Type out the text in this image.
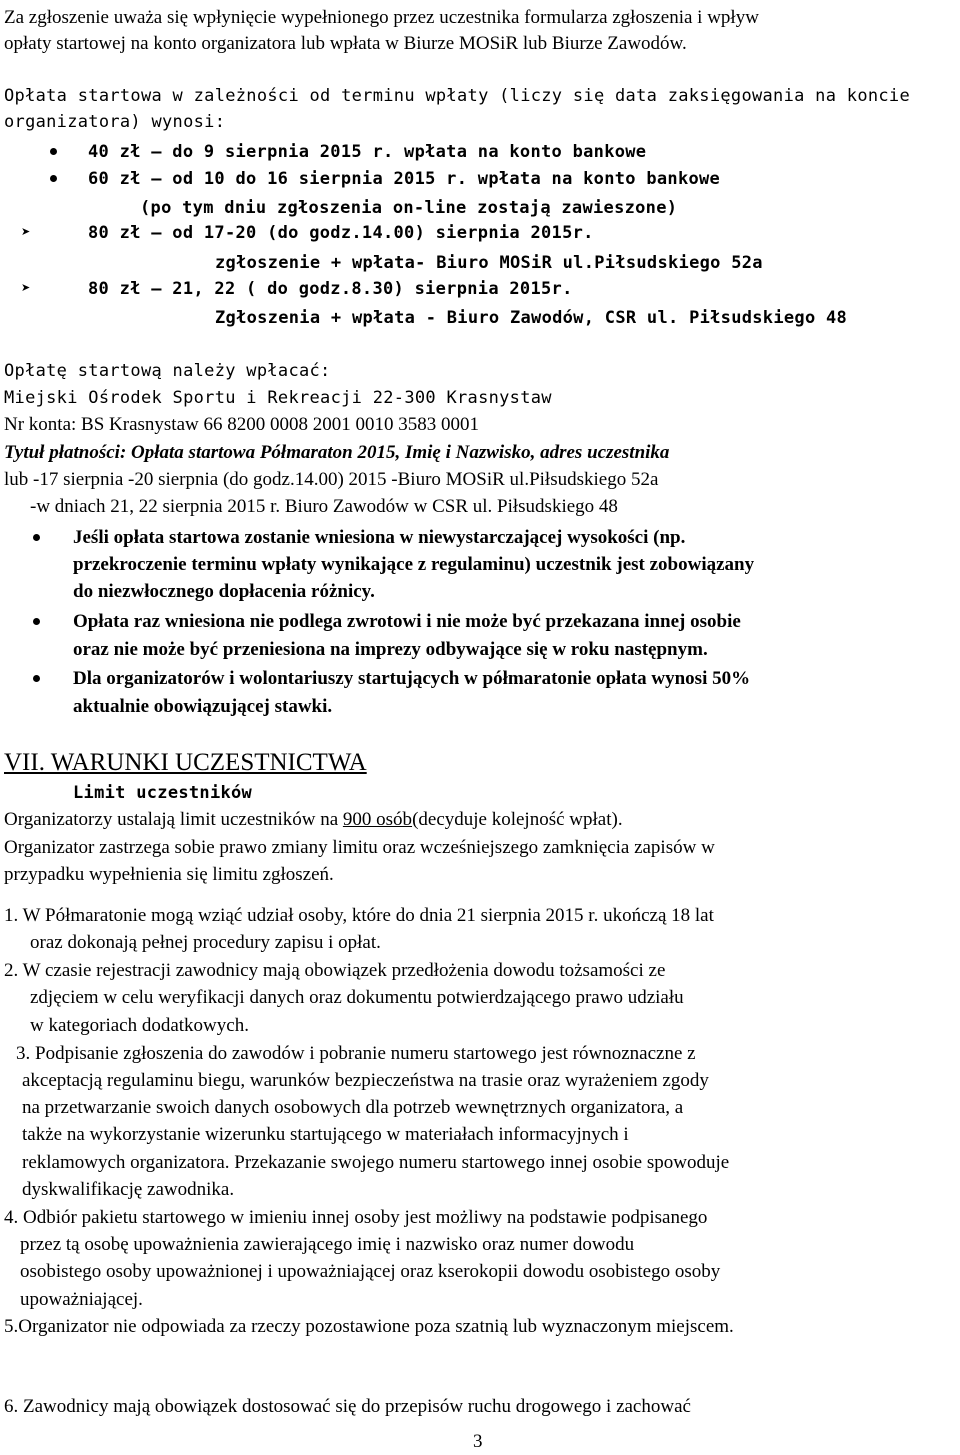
Za zgłoszenie uważa się wpłynięcie wypełnionego przez uczestnika formularza zgłoszenia i wpływ
opłaty startowej na konto organizatora lub wpłata w Biurze MOSiR lub Biurze Zawodów.
Opłata startowa w zależności od terminu wpłaty (liczy się data zaksięgowania na koncie
organizatora) wynosi:
40 zł – do 9 sierpnia 2015 r. wpłata na konto bankowe
60 zł – od 10 do 16 sierpnia 2015 r. wpłata na konto bankowe
(po tym dniu zgłoszenia on-line zostają zawieszone)
➤	80 zł – od 17-20 (do godz.14.00) sierpnia 2015r.
zgłoszenie + wpłata- Biuro MOSiR ul.Piłsudskiego 52a
➤	80 zł – 21, 22 ( do godz.8.30) sierpnia 2015r.
Zgłoszenia + wpłata - Biuro Zawodów, CSR ul. Piłsudskiego 48
Opłatę startową należy wpłacać:
Miejski Ośrodek Sportu i Rekreacji 22-300 Krasnystaw
Nr konta: BS Krasnystaw 66 8200 0008 2001 0010 3583 0001
Tytuł płatności: Opłata startowa Półmaraton 2015, Imię i Nazwisko, adres uczestnika
lub -17 sierpnia -20 sierpnia (do godz.14.00) 2015 -Biuro MOSiR ul.Piłsudskiego 52a
-w dniach 21, 22 sierpnia 2015 r. Biuro Zawodów w CSR ul. Piłsudskiego 48
Jeśli opłata startowa zostanie wniesiona w niewystarczającej wysokości (np.
przekroczenie terminu wpłaty wynikające z regulaminu) uczestnik jest zobowiązany
do niezwłocznego dopłacenia różnicy.
Opłata raz wniesiona nie podlega zwrotowi i nie może być przekazana innej osobie
oraz nie może być przeniesiona na imprezy odbywające się w roku następnym.
Dla organizatorów i wolontariuszy startujących w półmaratonie opłata wynosi 50%
aktualnie obowiązującej stawki.
VII. WARUNKI UCZESTNICTWA
Limit uczestników
Organizatorzy ustalają limit uczestników na 900 osób(decyduje kolejność wpłat).
Organizator zastrzega sobie prawo zmiany limitu oraz wcześniejszego zamknięcia zapisów w
przypadku wypełnienia się limitu zgłoszeń.
1. W Półmaratonie mogą wziąć udział osoby, które do dnia 21 sierpnia 2015 r. ukończą 18 lat
oraz dokonają pełnej procedury zapisu i opłat.
2. W czasie rejestracji zawodnicy mają obowiązek przedłożenia dowodu tożsamości ze
zdjęciem w celu weryfikacji danych oraz dokumentu potwierdzającego prawo udziału
w kategoriach dodatkowych.
3. Podpisanie zgłoszenia do zawodów i pobranie numeru startowego jest równoznaczne z
akceptacją regulaminu biegu, warunków bezpieczeństwa na trasie oraz wyrażeniem zgody
na przetwarzanie swoich danych osobowych dla potrzeb wewnętrznych organizatora, a
także na wykorzystanie wizerunku startującego w materiałach informacyjnych i
reklamowych organizatora. Przekazanie swojego numeru startowego innej osobie spowoduje
dyskwalifikację zawodnika.
4. Odbiór pakietu startowego w imieniu innej osoby jest możliwy na podstawie podpisanego
przez tą osobę upoważnienia zawierającego imię i nazwisko oraz numer dowodu
osobistego osoby upoważnionej i upoważniającej oraz kserokopii dowodu osobistego osoby
upoważniającej.
5.Organizator nie odpowiada za rzeczy pozostawione poza szatnią lub wyznaczonym miejscem.
6. Zawodnicy mają obowiązek dostosować się do przepisów ruchu drogowego i zachować
3
